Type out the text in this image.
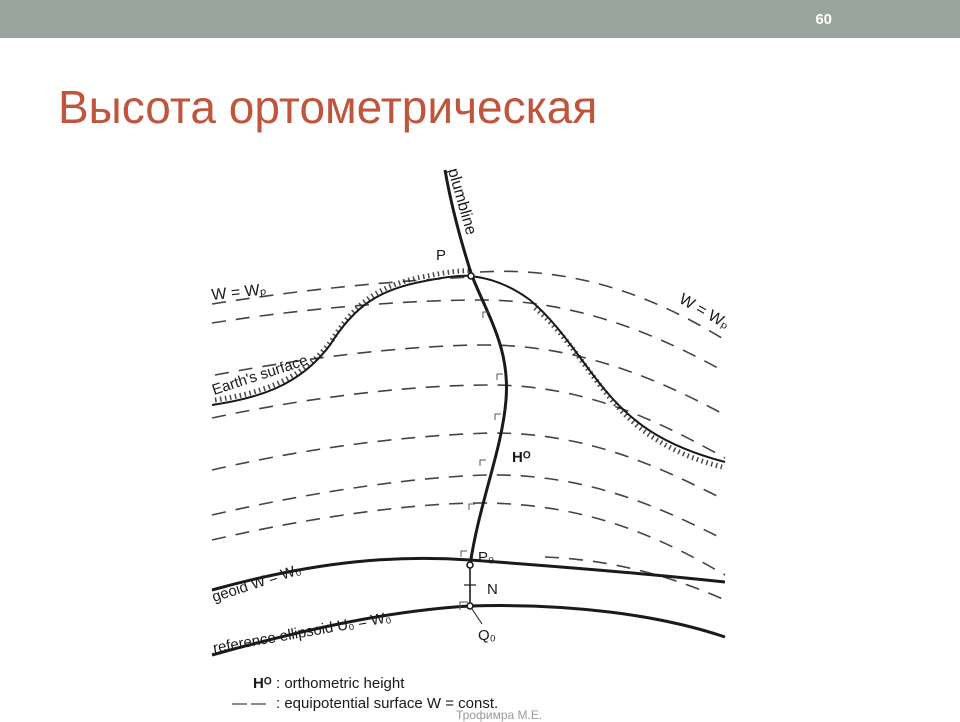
60
Высота ортометрическая
plumbline
W = Wₚ	W = Wₚ
Earth's surface
P
Hᴼ
P₀
N
Q₀
geoid W = W₀
reference ellipsoid U₀ = W₀
Hᴼ : orthometric height
— — : equipotential surface W = const.
Трофимра М.Е.
